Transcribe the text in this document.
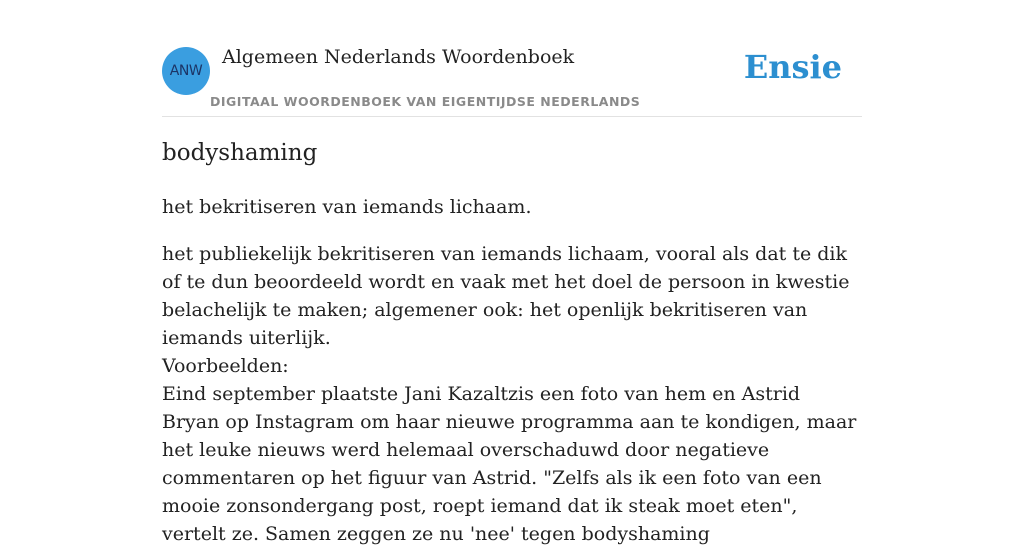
ANW
Algemeen Nederlands Woordenboek
DIGITAAL WOORDENBOEK VAN EIGENTIJDSE NEDERLANDS
Ensie
bodyshaming

het bekritiseren van iemands lichaam.

het publiekelijk bekritiseren van iemands lichaam, vooral als dat te dik of te dun beoordeeld wordt en vaak met het doel de persoon in kwestie belachelijk te maken; algemener ook: het openlijk bekritiseren van iemands uiterlijk.

Voorbeelden:

Eind september plaatste Jani Kazaltzis een foto van hem en Astrid Bryan op Instagram om haar nieuwe programma aan te kondigen, maar het leuke nieuws werd helemaal overschaduwd door negatieve commentaren op het figuur van Astrid. "Zelfs als ik een foto van een mooie zonsondergang post, roept iemand dat ik steak moet eten", vertelt ze. Samen zeggen ze nu 'nee' tegen bodyshaming
